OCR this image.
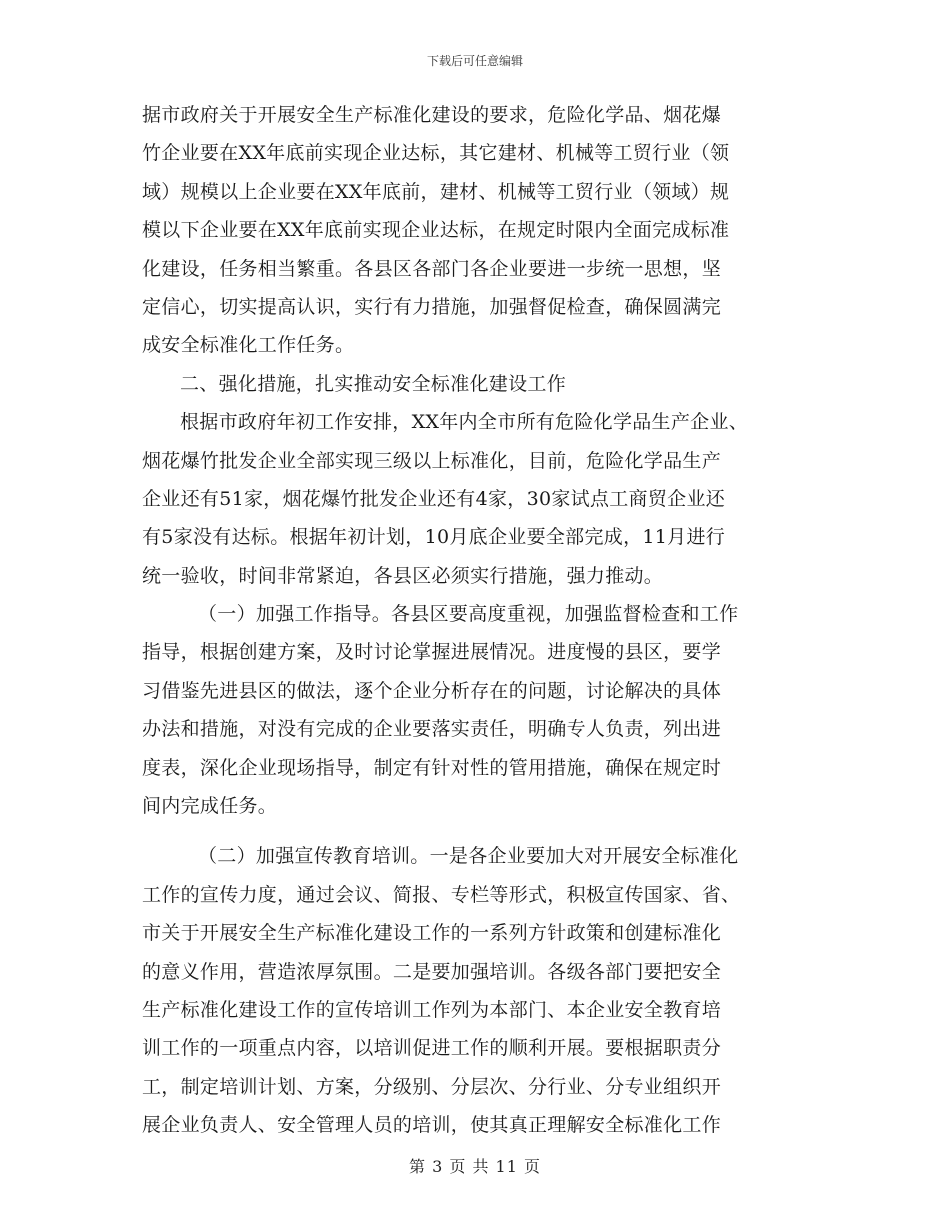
下载后可任意编辑
据市政府关于开展安全生产标准化建设的要求，危险化学品、烟花爆
竹企业要在XX年底前实现企业达标，其它建材、机械等工贸行业（领
域）规模以上企业要在XX年底前，建材、机械等工贸行业（领域）规
模以下企业要在XX年底前实现企业达标，在规定时限内全面完成标准
化建设，任务相当繁重。各县区各部门各企业要进一步统一思想，坚
定信心，切实提高认识，实行有力措施，加强督促检查，确保圆满完
成安全标准化工作任务。
二、强化措施，扎实推动安全标准化建设工作
根据市政府年初工作安排，XX年内全市所有危险化学品生产企业、
烟花爆竹批发企业全部实现三级以上标准化，目前，危险化学品生产
企业还有51家，烟花爆竹批发企业还有4家，30家试点工商贸企业还
有5家没有达标。根据年初计划，10月底企业要全部完成，11月进行
统一验收，时间非常紧迫，各县区必须实行措施，强力推动。
（一）加强工作指导。各县区要高度重视，加强监督检查和工作
指导，根据创建方案，及时讨论掌握进展情况。进度慢的县区，要学
习借鉴先进县区的做法，逐个企业分析存在的问题，讨论解决的具体
办法和措施，对没有完成的企业要落实责任，明确专人负责，列出进
度表，深化企业现场指导，制定有针对性的管用措施，确保在规定时
间内完成任务。
（二）加强宣传教育培训。一是各企业要加大对开展安全标准化
工作的宣传力度，通过会议、简报、专栏等形式，积极宣传国家、省、
市关于开展安全生产标准化建设工作的一系列方针政策和创建标准化
的意义作用，营造浓厚氛围。二是要加强培训。各级各部门要把安全
生产标准化建设工作的宣传培训工作列为本部门、本企业安全教育培
训工作的一项重点内容，以培训促进工作的顺利开展。要根据职责分
工，制定培训计划、方案，分级别、分层次、分行业、分专业组织开
展企业负责人、安全管理人员的培训，使其真正理解安全标准化工作
第 3 页 共 11 页
